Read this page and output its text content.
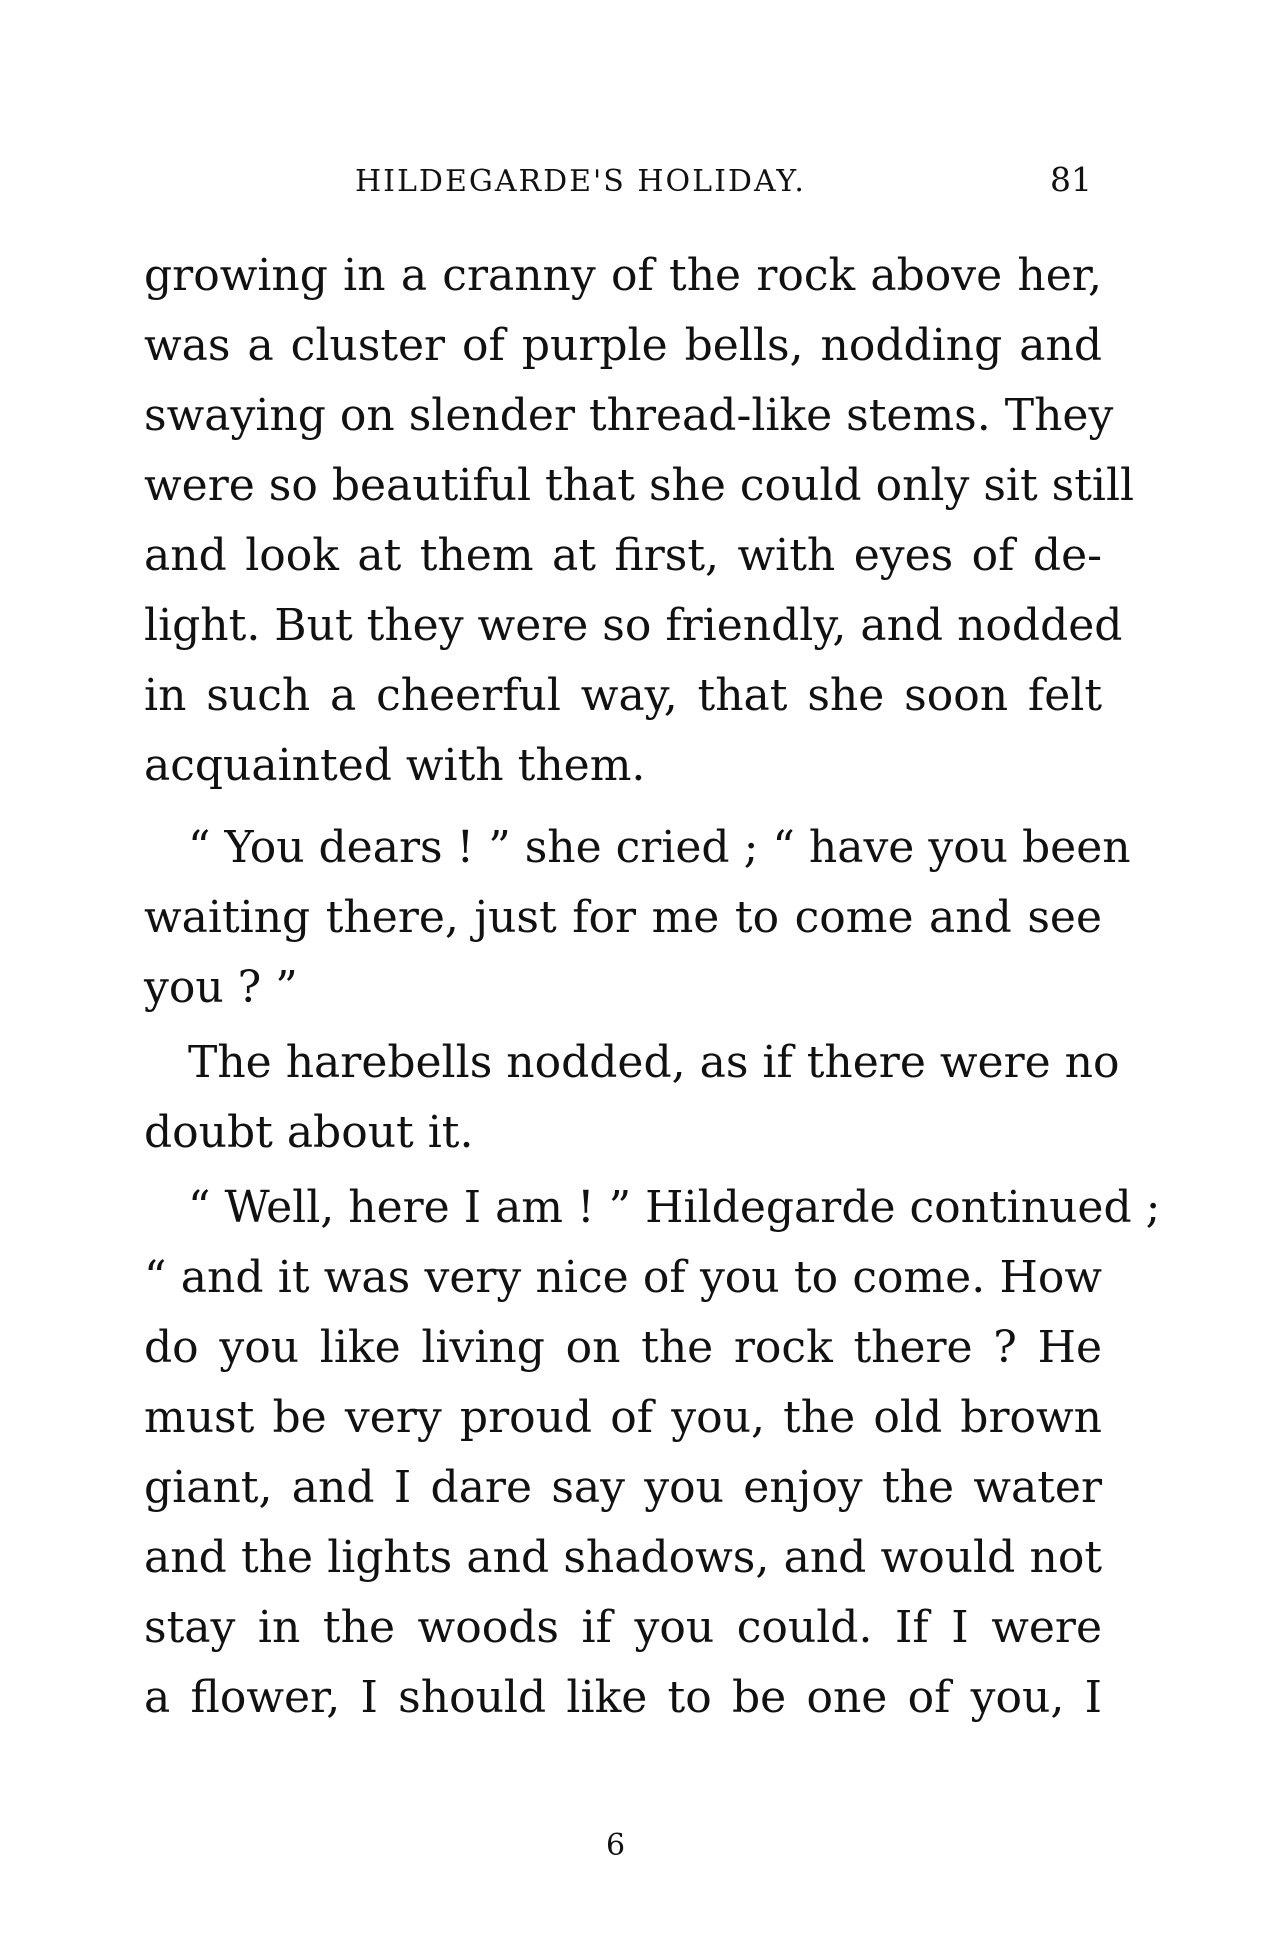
HILDEGARDE'S HOLIDAY.	81
growing in a cranny of the rock above her,
was a cluster of purple bells, nodding and
swaying on slender thread-like stems. They
were so beautiful that she could only sit still
and look at them at first, with eyes of de-
light. But they were so friendly, and nodded
in such a cheerful way, that she soon felt
acquainted with them.
“ You dears ! ” she cried ; “ have you been
waiting there, just for me to come and see
you ? ”
The harebells nodded, as if there were no
doubt about it.
“ Well, here I am ! ” Hildegarde continued ;
“ and it was very nice of you to come. How
do you like living on the rock there ? He
must be very proud of you, the old brown
giant, and I dare say you enjoy the water
and the lights and shadows, and would not
stay in the woods if you could. If I were
a flower, I should like to be one of you, I
6
